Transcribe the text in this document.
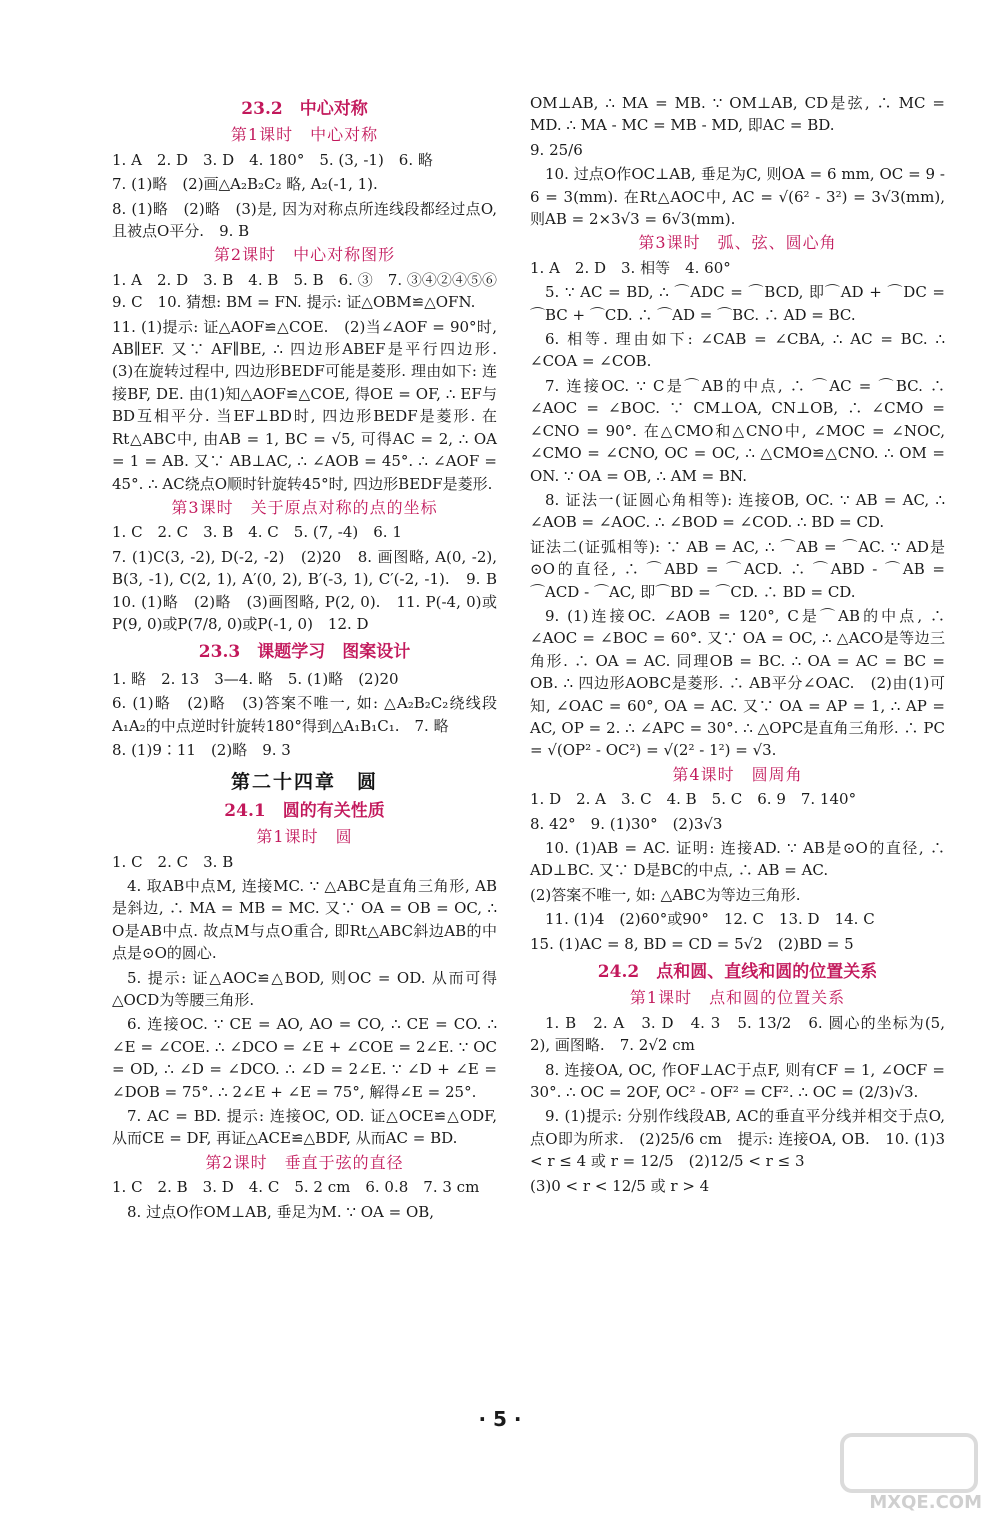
23.2　中心对称
第1课时　中心对称
1. A　2. D　3. D　4. 180°　5. (3, -1)　6. 略
7. (1)略　(2)画△A₂B₂C₂ 略, A₂(-1, 1).
8. (1)略　(2)略　(3)是, 因为对称点所连线段都经过点O, 且被点O平分.　9. B
第2课时　中心对称图形
1. A　2. D　3. B　4. B　5. B　6. ③　7. ③④②④⑤⑥　9. C　10. 猜想: BM = FN. 提示: 证△OBM≌△OFN.
11. (1)提示: 证△AOF≌△COE.　(2)当∠AOF = 90°时, AB∥EF. 又∵ AF∥BE, ∴ 四边形ABEF是平行四边形.　(3)在旋转过程中, 四边形BEDF可能是菱形. 理由如下: 连接BF, DE. 由(1)知△AOF≌△COE, 得OE = OF, ∴ EF与BD互相平分. 当EF⊥BD时, 四边形BEDF是菱形. 在Rt△ABC中, 由AB = 1, BC = √5, 可得AC = 2, ∴ OA = 1 = AB. 又∵ AB⊥AC, ∴ ∠AOB = 45°. ∴ ∠AOF = 45°. ∴ AC绕点O顺时针旋转45°时, 四边形BEDF是菱形.
第3课时　关于原点对称的点的坐标
1. C　2. C　3. B　4. C　5. (7, -4)　6. 1
7. (1)C(3, -2), D(-2, -2)　(2)20　8. 画图略, A(0, -2), B(3, -1), C(2, 1), A′(0, 2), B′(-3, 1), C′(-2, -1).　9. B　10. (1)略　(2)略　(3)画图略, P(2, 0).　11. P(-4, 0)或P(9, 0)或P(7/8, 0)或P(-1, 0)　12. D
23.3　课题学习　图案设计
1. 略　2. 13　3—4. 略　5. (1)略　(2)20
6. (1)略　(2)略　(3)答案不唯一, 如: △A₂B₂C₂绕线段A₁A₂的中点逆时针旋转180°得到△A₁B₁C₁.　7. 略
8. (1)9∶11　(2)略　9. 3
第二十四章　圆
24.1　圆的有关性质
第1课时　圆
1. C　2. C　3. B
4. 取AB中点M, 连接MC. ∵ △ABC是直角三角形, AB是斜边, ∴ MA = MB = MC. 又∵ OA = OB = OC, ∴ O是AB中点. 故点M与点O重合, 即Rt△ABC斜边AB的中点是⊙O的圆心.
5. 提示: 证△AOC≌△BOD, 则OC = OD. 从而可得△OCD为等腰三角形.
6. 连接OC. ∵ CE = AO, AO = CO, ∴ CE = CO. ∴ ∠E = ∠COE. ∴ ∠DCO = ∠E + ∠COE = 2∠E. ∵ OC = OD, ∴ ∠D = ∠DCO. ∴ ∠D = 2∠E. ∵ ∠D + ∠E = ∠DOB = 75°. ∴ 2∠E + ∠E = 75°, 解得∠E = 25°.
7. AC = BD. 提示: 连接OC, OD. 证△OCE≌△ODF, 从而CE = DF, 再证△ACE≌△BDF, 从而AC = BD.
第2课时　垂直于弦的直径
1. C　2. B　3. D　4. C　5. 2 cm　6. 0.8　7. 3 cm
8. 过点O作OM⊥AB, 垂足为M. ∵ OA = OB,
OM⊥AB, ∴ MA = MB. ∵ OM⊥AB, CD是弦, ∴ MC = MD. ∴ MA - MC = MB - MD, 即AC = BD.
9. 25/6
10. 过点O作OC⊥AB, 垂足为C, 则OA = 6 mm, OC = 9 - 6 = 3(mm). 在Rt△AOC中, AC = √(6² - 3²) = 3√3(mm), 则AB = 2×3√3 = 6√3(mm).
第3课时　弧、弦、圆心角
1. A　2. D　3. 相等　4. 60°
5. ∵ AC = BD, ∴ ⌒ADC = ⌒BCD, 即⌒AD + ⌒DC = ⌒BC + ⌒CD. ∴ ⌒AD = ⌒BC. ∴ AD = BC.
6. 相等. 理由如下: ∠CAB = ∠CBA, ∴ AC = BC. ∴ ∠COA = ∠COB.
7. 连接OC. ∵ C是⌒AB的中点, ∴ ⌒AC = ⌒BC. ∴ ∠AOC = ∠BOC. ∵ CM⊥OA, CN⊥OB, ∴ ∠CMO = ∠CNO = 90°. 在△CMO和△CNO中, ∠MOC = ∠NOC, ∠CMO = ∠CNO, OC = OC, ∴ △CMO≌△CNO. ∴ OM = ON. ∵ OA = OB, ∴ AM = BN.
8. 证法一(证圆心角相等): 连接OB, OC. ∵ AB = AC, ∴ ∠AOB = ∠AOC. ∴ ∠BOD = ∠COD. ∴ BD = CD.
证法二(证弧相等): ∵ AB = AC, ∴ ⌒AB = ⌒AC. ∵ AD是⊙O的直径, ∴ ⌒ABD = ⌒ACD. ∴ ⌒ABD - ⌒AB = ⌒ACD - ⌒AC, 即⌒BD = ⌒CD. ∴ BD = CD.
9. (1)连接OC. ∠AOB = 120°, C是⌒AB的中点, ∴ ∠AOC = ∠BOC = 60°. 又∵ OA = OC, ∴ △ACO是等边三角形. ∴ OA = AC. 同理OB = BC. ∴ OA = AC = BC = OB. ∴ 四边形AOBC是菱形. ∴ AB平分∠OAC.　(2)由(1)可知, ∠OAC = 60°, OA = AC. 又∵ OA = AP = 1, ∴ AP = AC, OP = 2. ∴ ∠APC = 30°. ∴ △OPC是直角三角形. ∴ PC = √(OP² - OC²) = √(2² - 1²) = √3.
第4课时　圆周角
1. D　2. A　3. C　4. B　5. C　6. 9　7. 140°
8. 42°　9. (1)30°　(2)3√3
10. (1)AB = AC. 证明: 连接AD. ∵ AB是⊙O的直径, ∴ AD⊥BC. 又∵ D是BC的中点, ∴ AB = AC.
(2)答案不唯一, 如: △ABC为等边三角形.
11. (1)4　(2)60°或90°　12. C　13. D　14. C
15. (1)AC = 8, BD = CD = 5√2　(2)BD = 5
24.2　点和圆、直线和圆的位置关系
第1课时　点和圆的位置关系
1. B　2. A　3. D　4. 3　5. 13/2　6. 圆心的坐标为(5, 2), 画图略.　7. 2√2 cm
8. 连接OA, OC, 作OF⊥AC于点F, 则有CF = 1, ∠OCF = 30°. ∴ OC = 2OF, OC² - OF² = CF². ∴ OC = (2/3)√3.
9. (1)提示: 分别作线段AB, AC的垂直平分线并相交于点O, 点O即为所求.　(2)25/6 cm　提示: 连接OA, OB.　10. (1)3 < r ≤ 4 或 r = 12/5　(2)12/5 < r ≤ 3
(3)0 < r < 12/5 或 r > 4
· 5 ·
MXQE.COM
